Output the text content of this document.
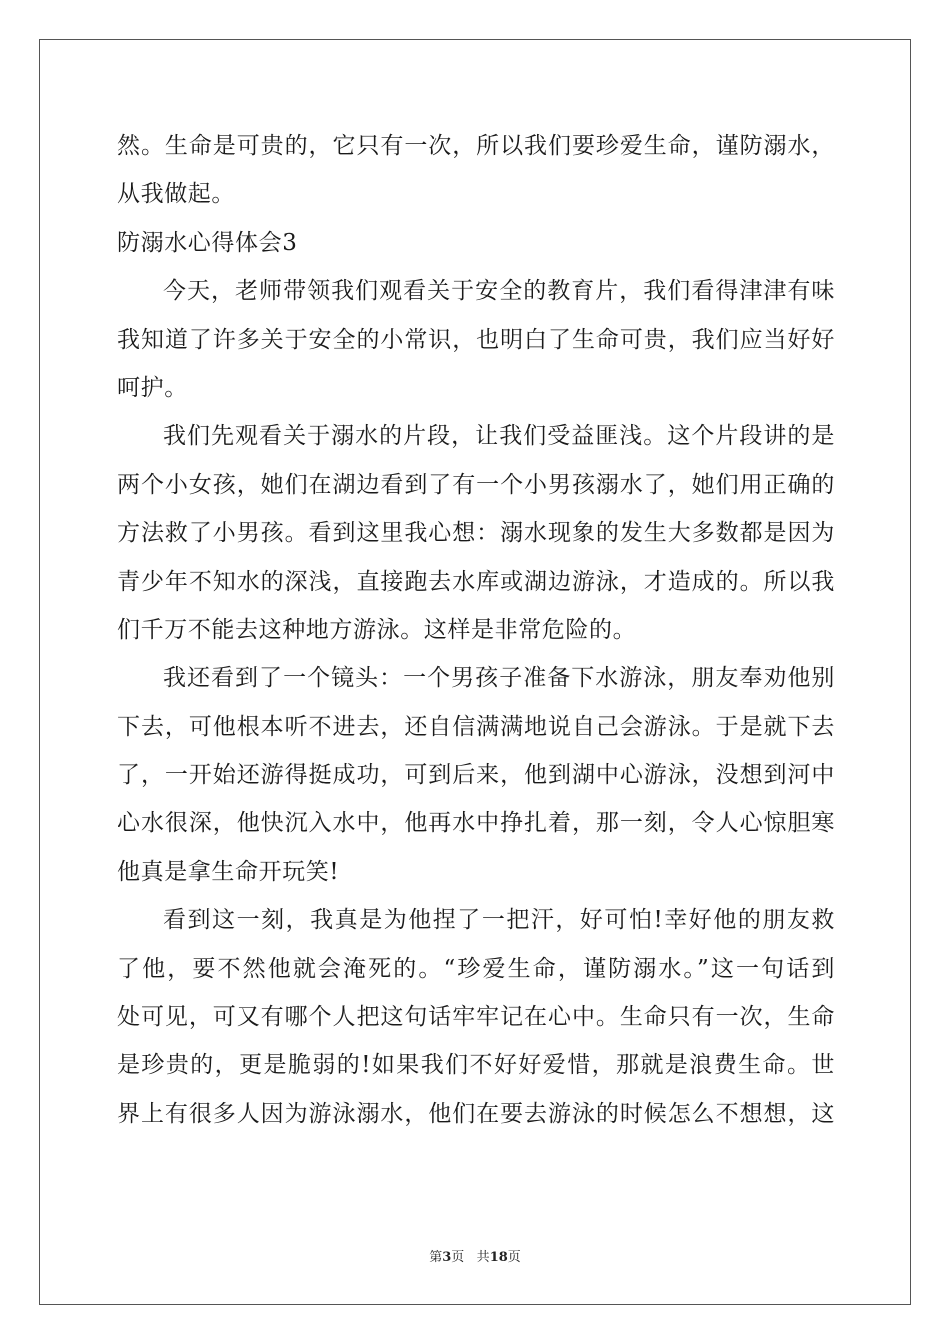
然。生命是可贵的，它只有一次，所以我们要珍爱生命，谨防溺水，
从我做起。
防溺水心得体会3
今天，老师带领我们观看关于安全的教育片，我们看得津津有味
我知道了许多关于安全的小常识，也明白了生命可贵，我们应当好好
呵护。
我们先观看关于溺水的片段，让我们受益匪浅。这个片段讲的是
两个小女孩，她们在湖边看到了有一个小男孩溺水了，她们用正确的
方法救了小男孩。看到这里我心想：溺水现象的发生大多数都是因为
青少年不知水的深浅，直接跑去水库或湖边游泳，才造成的。所以我
们千万不能去这种地方游泳。这样是非常危险的。
我还看到了一个镜头：一个男孩子准备下水游泳，朋友奉劝他别
下去，可他根本听不进去，还自信满满地说自己会游泳。于是就下去
了，一开始还游得挺成功，可到后来，他到湖中心游泳，没想到河中
心水很深，他快沉入水中，他再水中挣扎着，那一刻，令人心惊胆寒
他真是拿生命开玩笑!
看到这一刻，我真是为他捏了一把汗，好可怕!幸好他的朋友救
了他，要不然他就会淹死的。“珍爱生命，谨防溺水。”这一句话到
处可见，可又有哪个人把这句话牢牢记在心中。生命只有一次，生命
是珍贵的，更是脆弱的!如果我们不好好爱惜，那就是浪费生命。世
界上有很多人因为游泳溺水，他们在要去游泳的时候怎么不想想，这
第3页 共18页
